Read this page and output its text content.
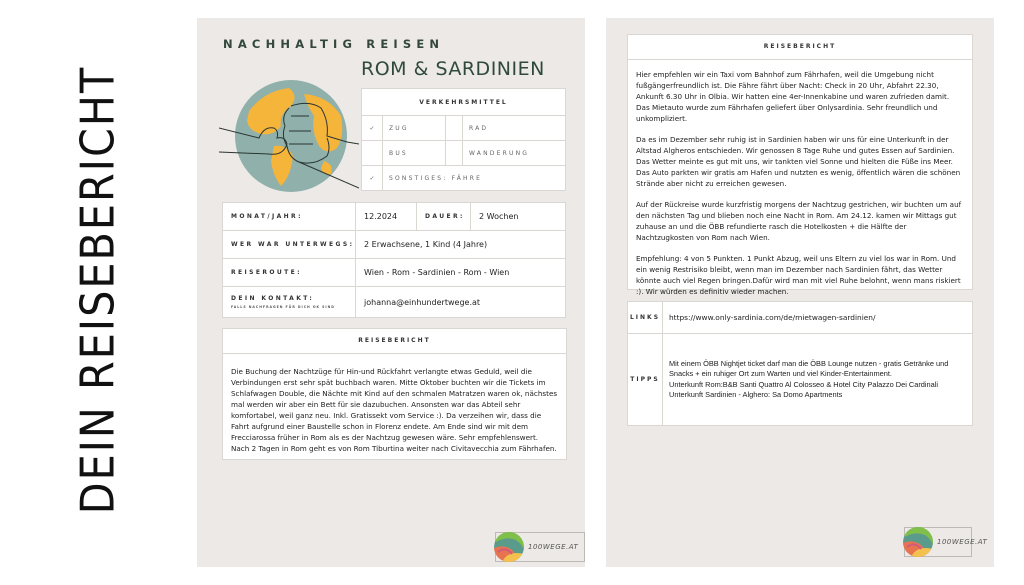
DEIN REISEBERICHT
NACHHALTIG REISEN
ROM & SARDINIEN
VERKEHRSMITTEL			
✓	ZUG		RAD
	BUS		WANDERUNG
✓	SONSTIGES: FÄHRE		
MONAT/JAHR:	12.2024	DAUER:	2 Wochen
WER WAR UNTERWEGS:	2 Erwachsene, 1 Kind (4 Jahre)		
REISEROUTE:	Wien - Rom - Sardinien - Rom - Wien		
DEIN KONTAKT:
FALLS NACHFRAGEN FÜR DICH OK SIND	johanna@einhundertwege.at		
REISEBERICHT
Die Buchung der Nachtzüge für Hin-und Rückfahrt verlangte etwas Geduld, weil die Verbindungen erst sehr spät buchbach waren. Mitte Oktober buchten wir die Tickets im Schlafwagen Double, die Nächte mit Kind auf den schmalen Matratzen waren ok, nächstes mal werden wir aber ein Bett für sie dazubuchen. Ansonsten war das Abteil sehr komfortabel, weil ganz neu. Inkl. Gratissekt vom Service :). Da verzeihen wir, dass die Fahrt aufgrund einer Baustelle schon in Florenz endete. Am Ende sind wir mit dem Frecciarossa früher in Rom als es der Nachtzug gewesen wäre. Sehr empfehlenswert. Nach 2 Tagen in Rom geht es von Rom Tiburtina weiter nach Civitavecchia zum Fährhafen.
100WEGE.AT
REISEBERICHT

Hier empfehlen wir ein Taxi vom Bahnhof zum Fährhafen, weil die Umgebung nicht fußgängerfreundlich ist. Die Fähre fährt über Nacht: Check in 20 Uhr, Abfahrt 22.30, Ankunft 6.30 Uhr in Olbia. Wir hatten eine 4er-Innenkabine und waren zufrieden damit. Das Mietauto wurde zum Fährhafen geliefert über Onlysardinia. Sehr freundlich und unkompliziert.

Da es im Dezember sehr ruhig ist in Sardinien haben wir uns für eine Unterkunft in der Altstad Algheros entschieden. Wir genossen 8 Tage Ruhe und gutes Essen auf Sardinien. Das Wetter meinte es gut mit uns, wir tankten viel Sonne und hielten die Füße ins Meer. Das Auto parkten wir gratis am Hafen und nutzten es wenig, öffentlich wären die schönen Strände aber nicht zu erreichen gewesen.

Auf der Rückreise wurde kurzfristig morgens der Nachtzug gestrichen, wir buchten um auf den nächsten Tag und blieben noch eine Nacht in Rom. Am 24.12. kamen wir Mittags gut zuhause an und die ÖBB refundierte rasch die Hotelkosten + die Hälfte der Nachtzugkosten von Rom nach Wien.

Empfehlung: 4 von 5 Punkten. 1 Punkt Abzug, weil uns Eltern zu viel los war in Rom. Und ein wenig Restrisiko bleibt, wenn man im Dezember nach Sardinien fährt, das Wetter könnte auch viel Regen bringen.Dafür wird man mit viel Ruhe belohnt, wenn mans riskiert :). Wir würden es definitiv wieder machen.

LINKS	https://www.only-sardinia.com/de/mietwagen-sardinien/
TIPPS	Mit einem ÖBB Nightjet ticket darf man die ÖBB Lounge nutzen - gratis Getränke und Snacks + ein ruhiger Ort zum Warten und viel Kinder-Entertainment.
Unterkunft Rom:B&B Santi Quattro Al Colosseo & Hotel City Palazzo Dei Cardinali
Unterkunft Sardinien - Alghero: Sa Domo Apartments
100WEGE.AT
